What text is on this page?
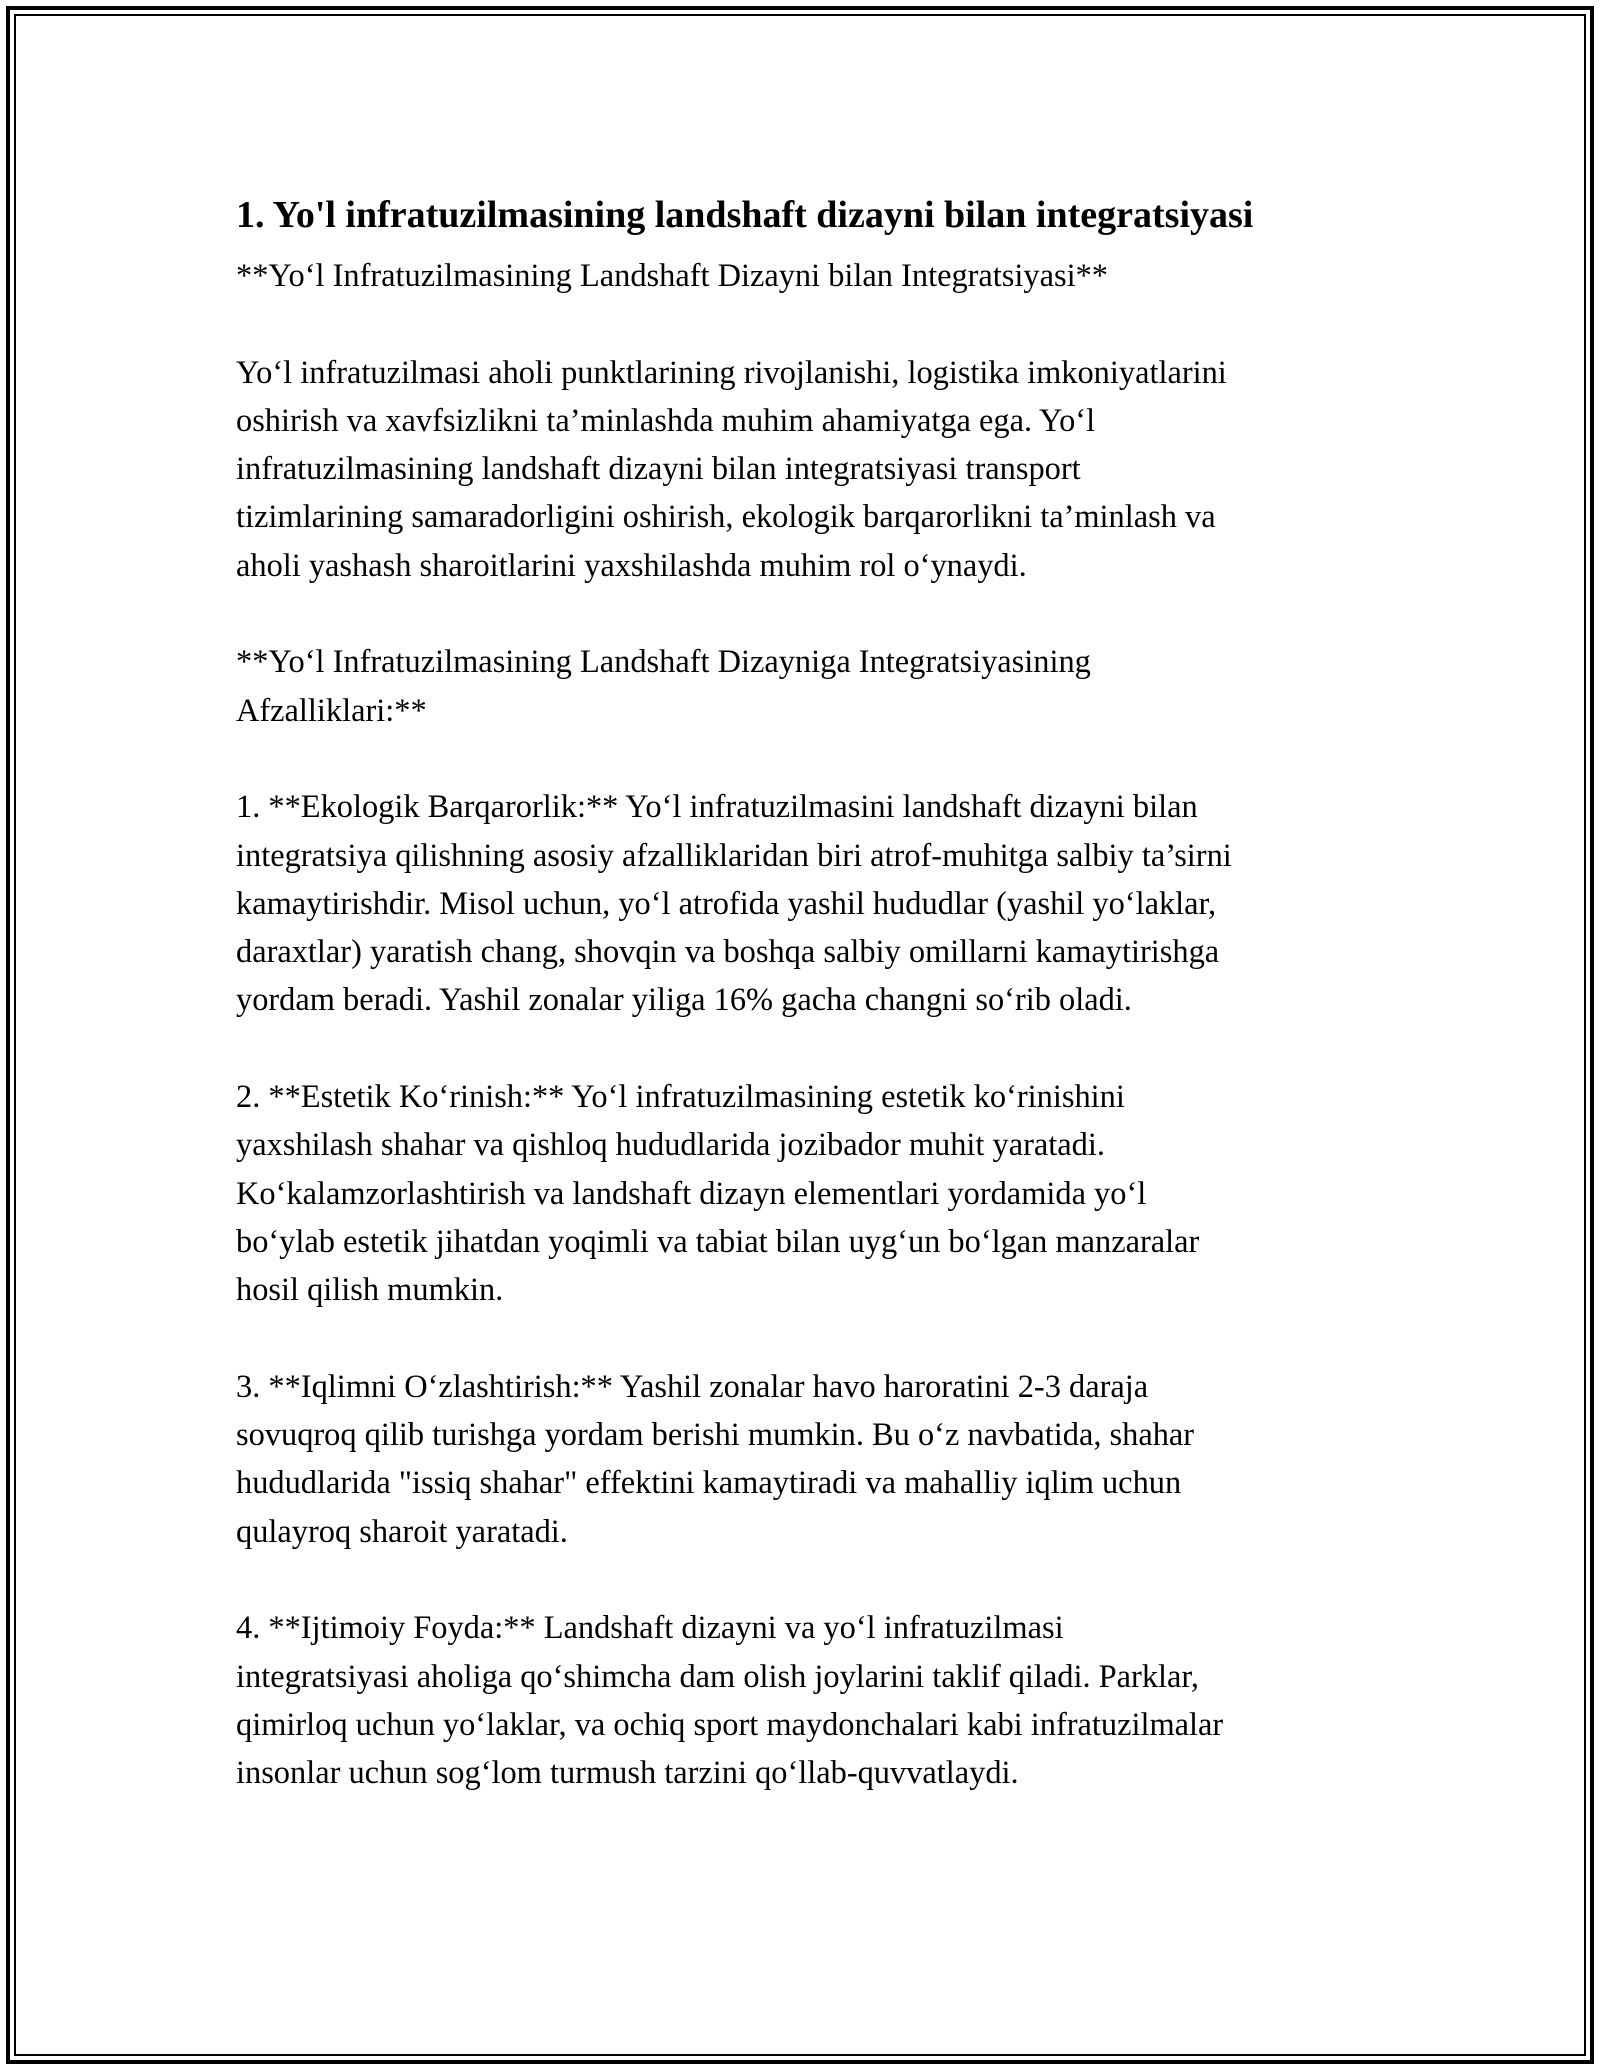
1. Yo'l infratuzilmasining landshaft dizayni bilan integratsiyasi
**Yo‘l Infratuzilmasining Landshaft Dizayni bilan Integratsiyasi**

Yo‘l infratuzilmasi aholi punktlarining rivojlanishi, logistika imkoniyatlarini
oshirish va xavfsizlikni ta’minlashda muhim ahamiyatga ega. Yo‘l
infratuzilmasining landshaft dizayni bilan integratsiyasi transport
tizimlarining samaradorligini oshirish, ekologik barqarorlikni ta’minlash va
aholi yashash sharoitlarini yaxshilashda muhim rol o‘ynaydi.

**Yo‘l Infratuzilmasining Landshaft Dizayniga Integratsiyasining
Afzalliklari:**

1. **Ekologik Barqarorlik:** Yo‘l infratuzilmasini landshaft dizayni bilan
integratsiya qilishning asosiy afzalliklaridan biri atrof-muhitga salbiy ta’sirni
kamaytirishdir. Misol uchun, yo‘l atrofida yashil hududlar (yashil yo‘laklar,
daraxtlar) yaratish chang, shovqin va boshqa salbiy omillarni kamaytirishga
yordam beradi. Yashil zonalar yiliga 16% gacha changni so‘rib oladi.

2. **Estetik Ko‘rinish:** Yo‘l infratuzilmasining estetik ko‘rinishini
yaxshilash shahar va qishloq hududlarida jozibador muhit yaratadi.
Ko‘kalamzorlashtirish va landshaft dizayn elementlari yordamida yo‘l
bo‘ylab estetik jihatdan yoqimli va tabiat bilan uyg‘un bo‘lgan manzaralar
hosil qilish mumkin.

3. **Iqlimni O‘zlashtirish:** Yashil zonalar havo haroratini 2-3 daraja
sovuqroq qilib turishga yordam berishi mumkin. Bu o‘z navbatida, shahar
hududlarida "issiq shahar" effektini kamaytiradi va mahalliy iqlim uchun
qulayroq sharoit yaratadi.

4. **Ijtimoiy Foyda:** Landshaft dizayni va yo‘l infratuzilmasi
integratsiyasi aholiga qo‘shimcha dam olish joylarini taklif qiladi. Parklar,
qimirloq uchun yo‘laklar, va ochiq sport maydonchalari kabi infratuzilmalar
insonlar uchun sog‘lom turmush tarzini qo‘llab-quvvatlaydi.
